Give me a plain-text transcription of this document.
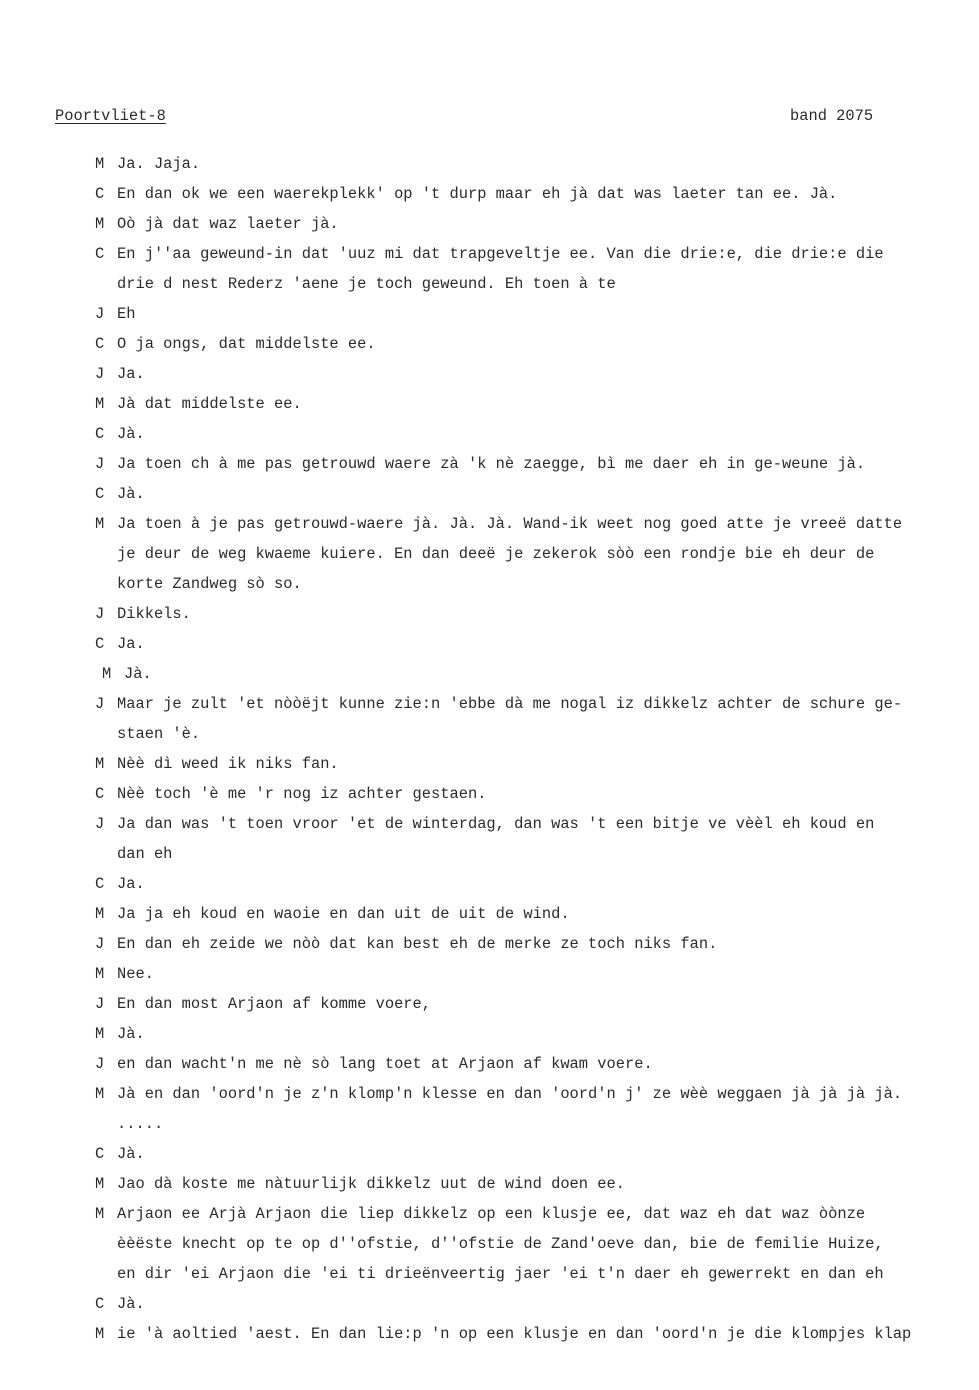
Poortvliet-8	band 2075
M Ja. Jaja.
C En dan ok we een waerekplekk' op 't durp maar eh jà dat was laeter tan ee. Jà.
M Oò jà dat waz laeter jà.
C En j''aa geweund-in dat 'uuz mi dat trapgeveltje ee. Van die drie:e, die drie:e die
drie d nest Rederz 'aene je toch geweund. Eh toen à te
J Eh
C O ja ongs, dat middelste ee.
J Ja.
M Jà dat middelste ee.
C Jà.
J Ja toen ch à me pas getrouwd waere zà 'k nè zaegge, bì me daer eh in ge-weune jà.
C Jà.
M Ja toen à je pas getrouwd-waere jà. Jà. Jà. Wand-ik weet nog goed atte je vreeë datte
je deur de weg kwaeme kuiere. En dan deeë je zekerok sòò een rondje bie eh deur de
korte Zandweg sò so.
J Dikkels.
C Ja.
M Jà.
J Maar je zult 'et nòòëjt kunne zie:n 'ebbe dà me nogal iz dikkelz achter de schure ge-
staen 'è.
M Nèè dì weed ik niks fan.
C Nèè toch 'è me 'r nog iz achter gestaen.
J Ja dan was 't toen vroor 'et de winterdag, dan was 't een bitje ve vèèl eh koud en
dan eh
C Ja.
M Ja ja eh koud en waoie en dan uit de uit de wind.
J En dan eh zeide we nòò dat kan best eh de merke ze toch niks fan.
M Nee.
J En dan most Arjaon af komme voere,
M Jà.
J en dan wacht'n me nè sò lang toet at Arjaon af kwam voere.
M Jà en dan 'oord'n je z'n klomp'n klesse en dan 'oord'n j' ze wèè weggaen jà jà jà jà.
.....
C Jà.
M Jao dà koste me nàtuurlijk dikkelz uut de wind doen ee.
M Arjaon ee Arjà Arjaon die liep dikkelz op een klusje ee, dat waz eh dat waz òònze
èèëste knecht op te op d''ofstie, d''ofstie de Zand'oeve dan, bie de femilie Huize,
en dir 'ei Arjaon die 'ei ti drieënveertig jaer 'ei t'n daer eh gewerrekt en dan eh
C Jà.
M ie 'à aoltied 'aest. En dan lie:p 'n op een klusje en dan 'oord'n je die klompjes klap
